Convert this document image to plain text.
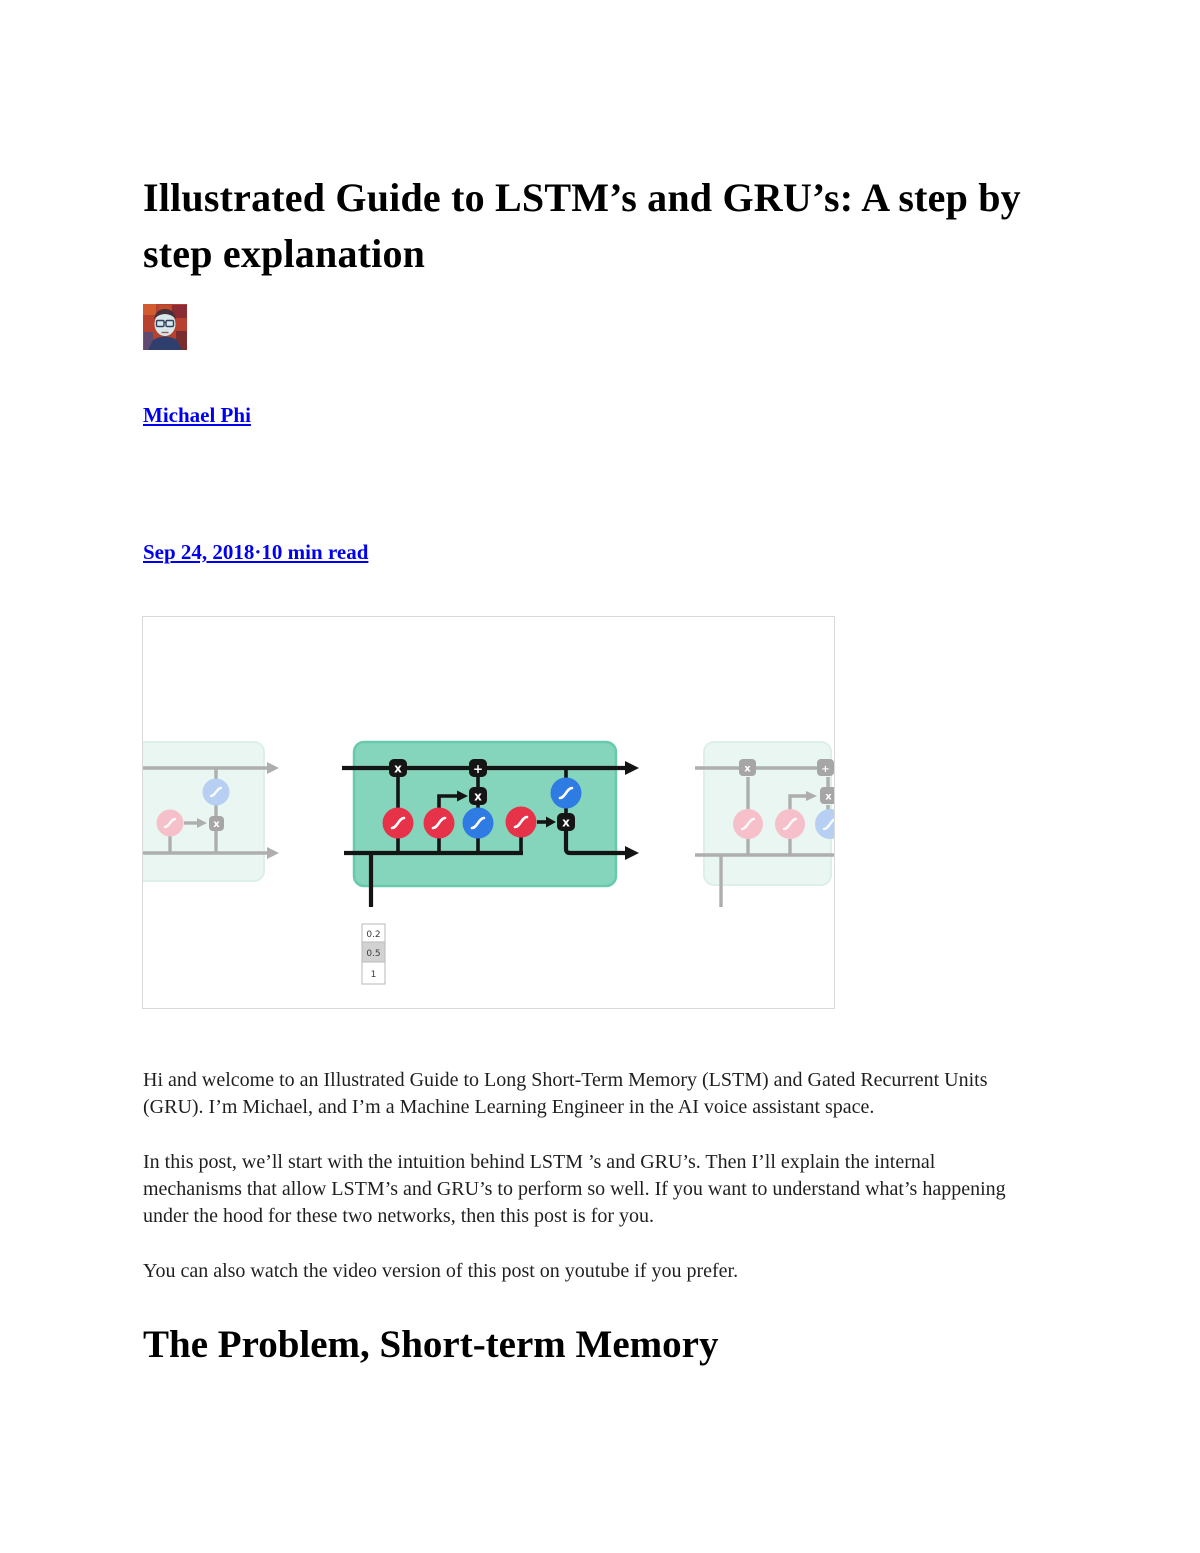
Illustrated Guide to LSTM’s and GRU’s: A step by step explanation
Michael Phi
Sep 24, 2018·10 min read
x
x	+
x
x
x	+
x
0.2
0.5
1

Hi and welcome to an Illustrated Guide to Long Short-Term Memory (LSTM) and Gated Recurrent Units (GRU). I’m Michael, and I’m a Machine Learning Engineer in the AI voice assistant space.

In this post, we’ll start with the intuition behind LSTM ’s and GRU’s. Then I’ll explain the internal mechanisms that allow LSTM’s and GRU’s to perform so well. If you want to understand what’s happening under the hood for these two networks, then this post is for you.

You can also watch the video version of this post on youtube if you prefer.

The Problem, Short-term Memory
